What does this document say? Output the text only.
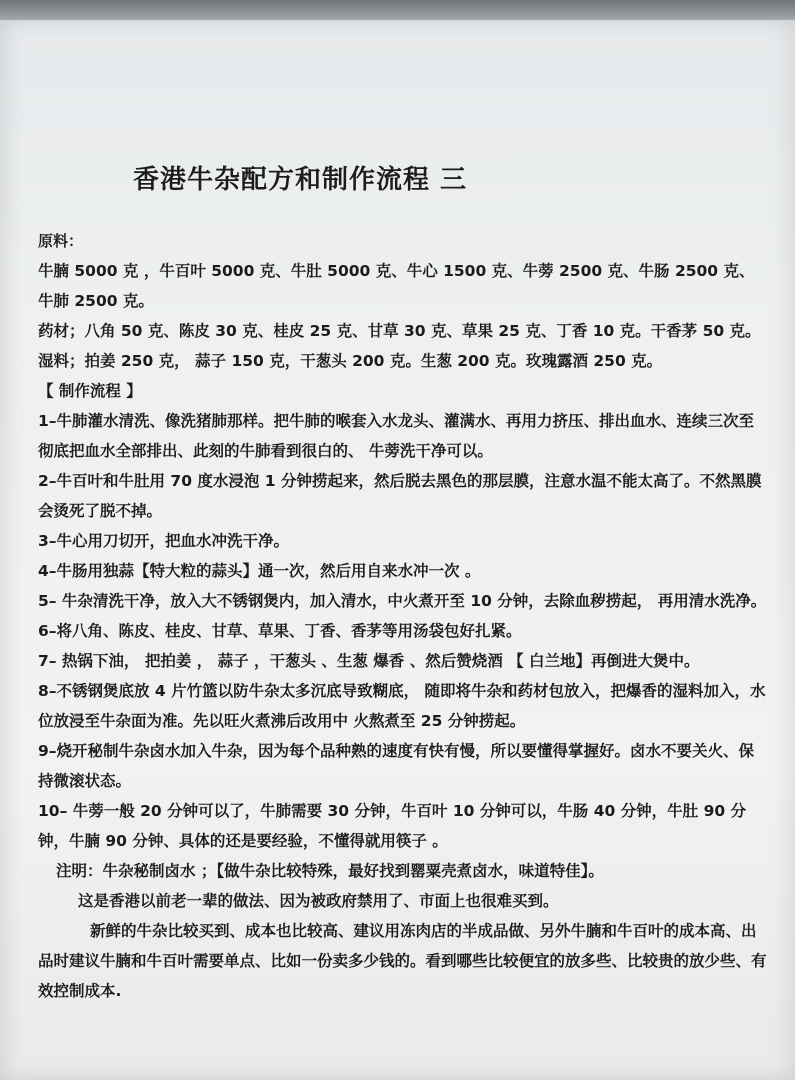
香港牛杂配方和制作流程 三
原料：
牛腩 5000 克 ，牛百叶 5000 克、牛肚 5000 克、牛心 1500 克、牛蒡 2500 克、牛肠 2500 克、牛肺 2500 克。
药材；八角 50 克、陈皮 30 克、桂皮 25 克、甘草 30 克、草果 25 克、丁香 10 克。干香茅 50 克。
湿料；拍姜 250 克， 蒜子 150 克，干葱头 200 克。生葱 200 克。玫瑰露酒 250 克。
【 制作流程 】
1–牛肺灌水清洗、像洗猪肺那样。把牛肺的喉套入水龙头、灌满水、再用力挤压、排出血水、连续三次至彻底把血水全部排出、此刻的牛肺看到很白的、 牛蒡洗干净可以。
2–牛百叶和牛肚用 70 度水浸泡 1 分钟捞起来，然后脱去黑色的那层膜，注意水温不能太高了。不然黑膜会烫死了脱不掉。
3–牛心用刀切开，把血水冲洗干净。
4–牛肠用独蒜【特大粒的蒜头】通一次，然后用自来水冲一次 。
5– 牛杂清洗干净，放入大不锈钢煲内，加入清水，中火煮开至 10 分钟，去除血秽捞起， 再用清水洗净。
6–将八角、陈皮、桂皮、甘草、草果、丁香、香茅等用汤袋包好扎紧。
7– 热锅下油， 把拍姜 ， 蒜子 ，干葱头 、生葱 爆香 、然后赞烧酒 【 白兰地】再倒进大煲中。
8–不锈钢煲底放 4 片竹篮以防牛杂太多沉底导致糊底， 随即将牛杂和药材包放入，把爆香的湿料加入，水位放浸至牛杂面为准。先以旺火煮沸后改用中 火熬煮至 25 分钟捞起。
9–烧开秘制牛杂卤水加入牛杂，因为每个品种熟的速度有快有慢，所以要懂得掌握好。卤水不要关火、保持微滚状态。
10– 牛蒡一般 20 分钟可以了，牛肺需要 30 分钟，牛百叶 10 分钟可以，牛肠 40 分钟，牛肚 90 分钟，牛腩 90 分钟、具体的还是要经验，不懂得就用筷子 。
注明：牛杂秘制卤水 ；【做牛杂比较特殊，最好找到罂粟壳煮卤水，味道特佳】。
这是香港以前老一辈的做法、因为被政府禁用了、市面上也很难买到。
新鲜的牛杂比较买到、成本也比较高、建议用冻肉店的半成品做、另外牛腩和牛百叶的成本高、出品时建议牛腩和牛百叶需要单点、比如一份卖多少钱的。看到哪些比较便宜的放多些、比较贵的放少些、有效控制成本.
